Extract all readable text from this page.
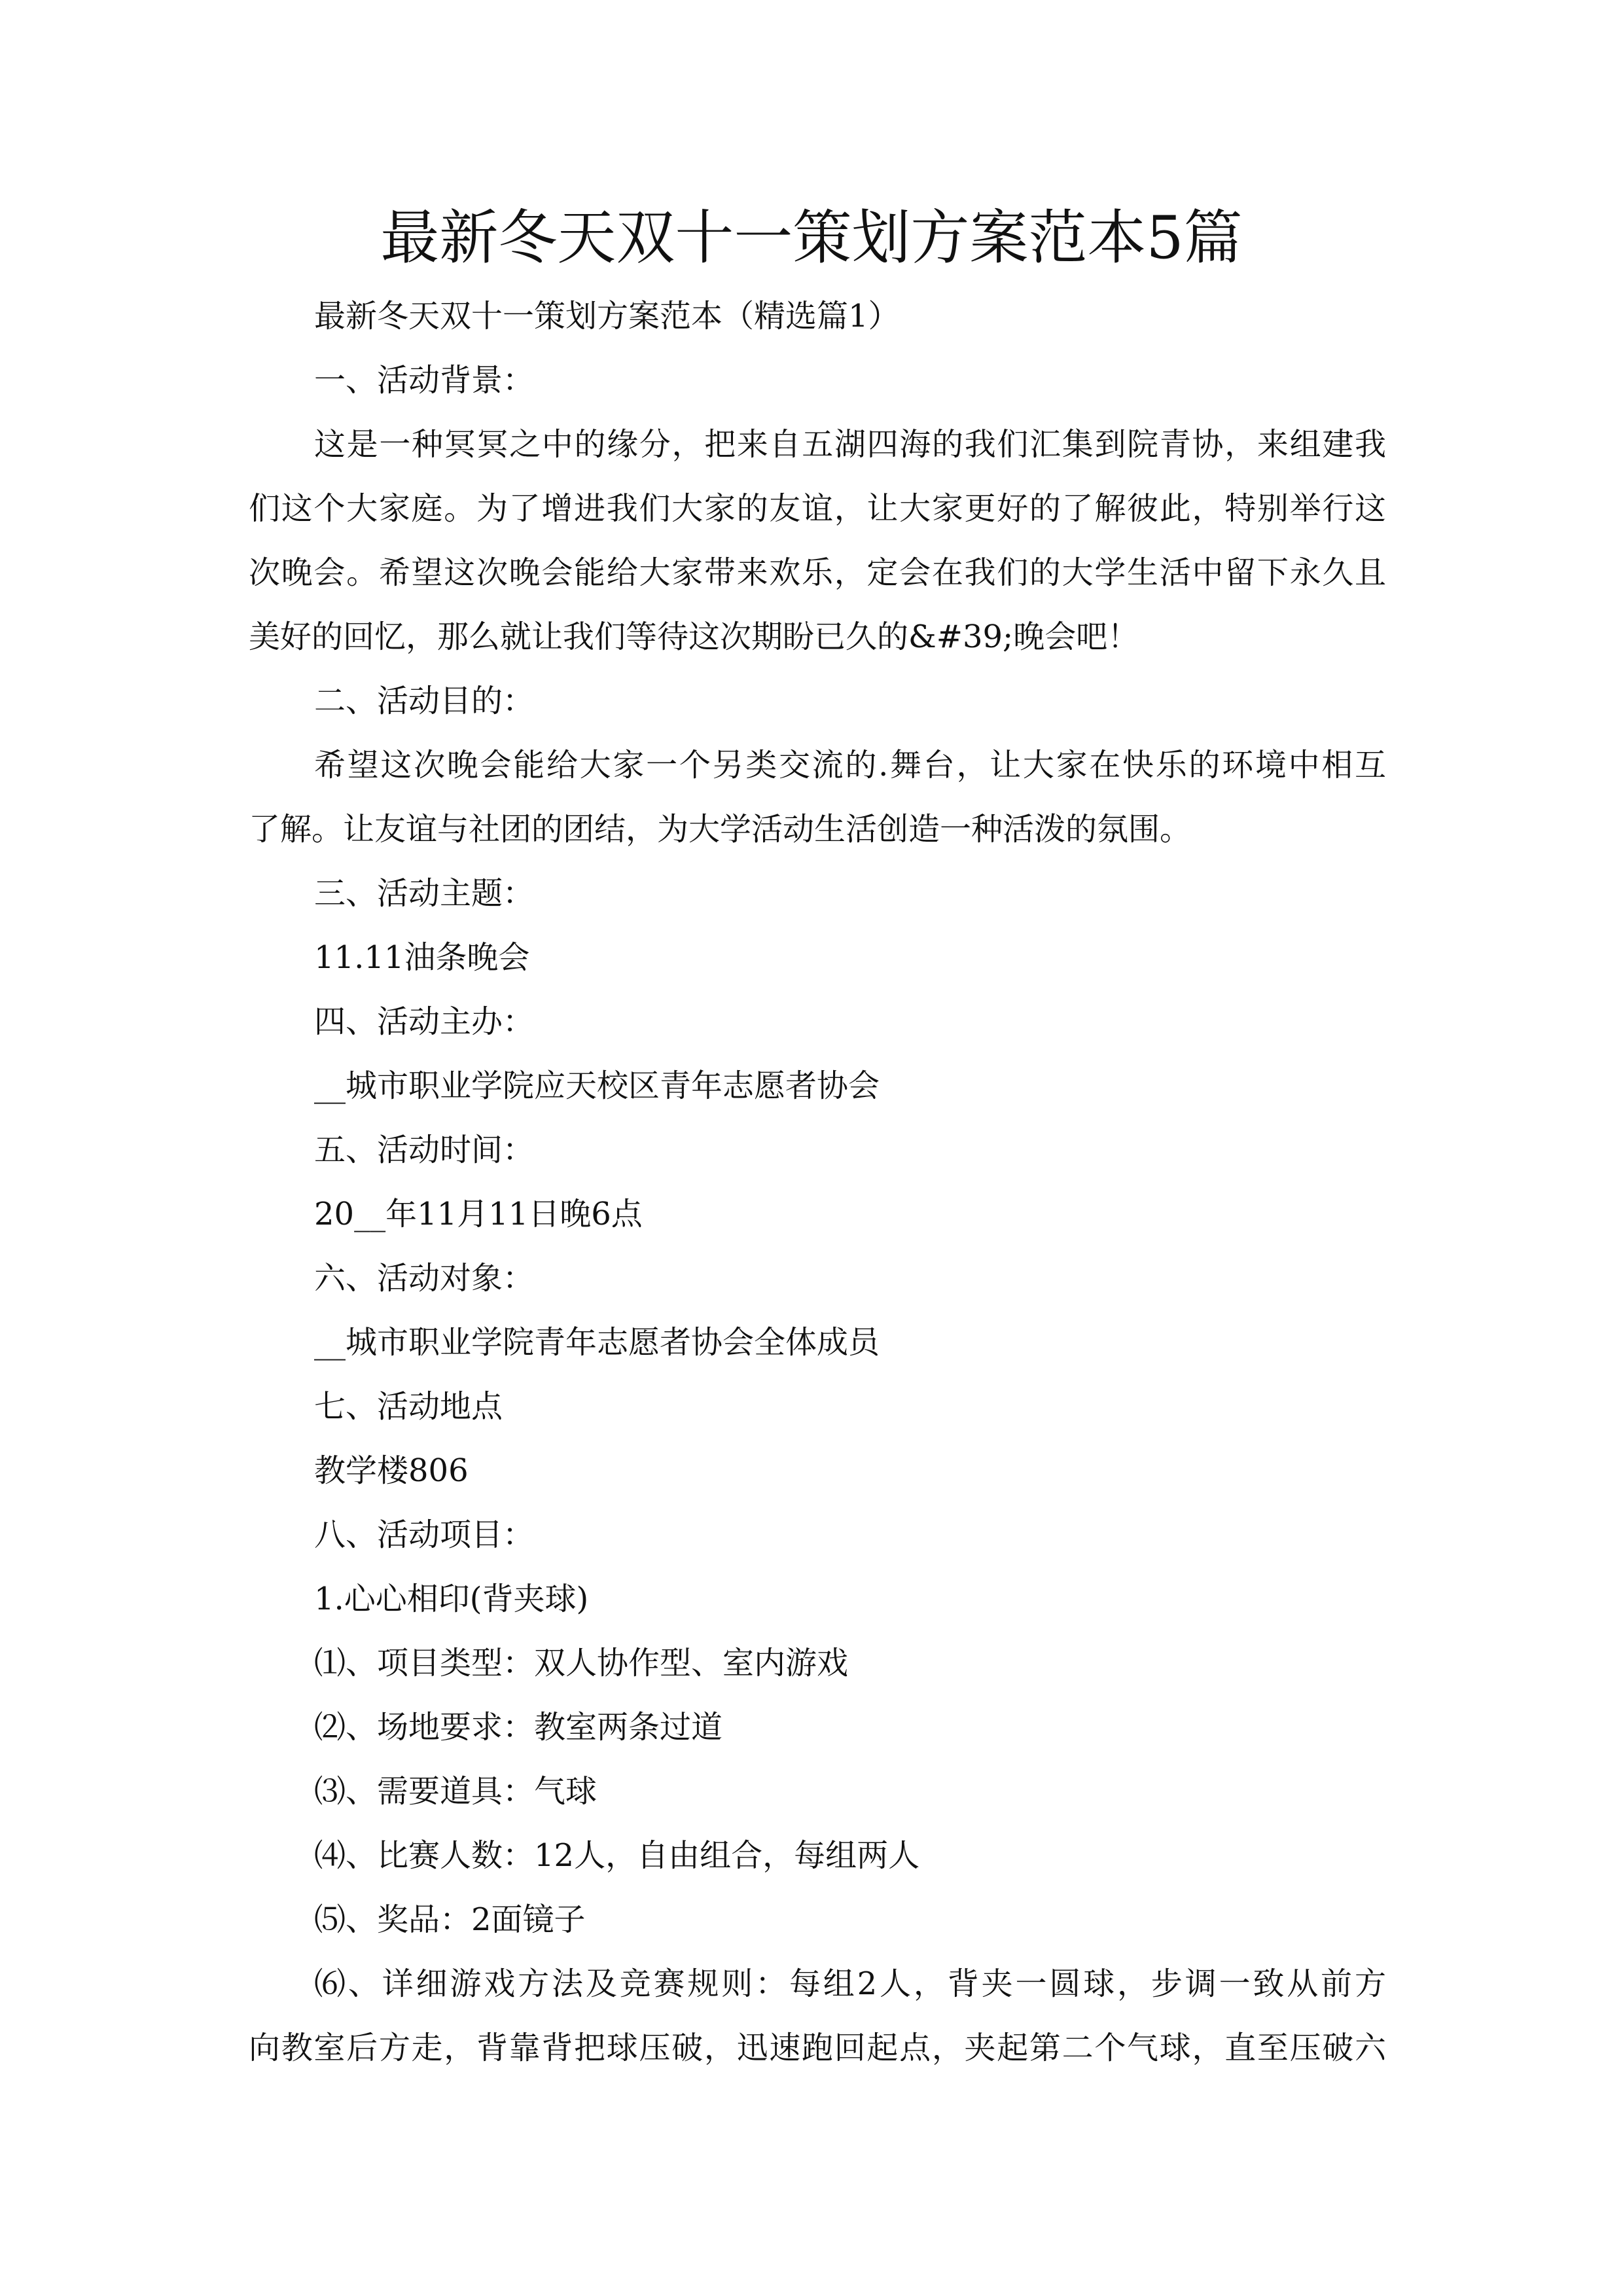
最新冬天双十一策划方案范本5篇
最新冬天双十一策划方案范本（精选篇1）
一、活动背景：
这是一种冥冥之中的缘分，把来自五湖四海的我们汇集到院青协，来组建我
们这个大家庭。为了增进我们大家的友谊，让大家更好的了解彼此，特别举行这
次晚会。希望这次晚会能给大家带来欢乐，定会在我们的大学生活中留下永久且
美好的回忆，那么就让我们等待这次期盼已久的&#39;晚会吧！
二、活动目的：
希望这次晚会能给大家一个另类交流的.舞台，让大家在快乐的环境中相互
了解。让友谊与社团的团结，为大学活动生活创造一种活泼的氛围。
三、活动主题：
11.11油条晚会
四、活动主办：
__城市职业学院应天校区青年志愿者协会
五、活动时间：
20__年11月11日晚6点
六、活动对象：
__城市职业学院青年志愿者协会全体成员
七、活动地点
教学楼806
八、活动项目：
1.心心相印(背夹球)
⑴、项目类型：双人协作型、室内游戏
⑵、场地要求：教室两条过道
⑶、需要道具：气球
⑷、比赛人数：12人，自由组合，每组两人
⑸、奖品：2面镜子
⑹、详细游戏方法及竞赛规则：每组2人，背夹一圆球，步调一致从前方
向教室后方走，背靠背把球压破，迅速跑回起点，夹起第二个气球，直至压破六
